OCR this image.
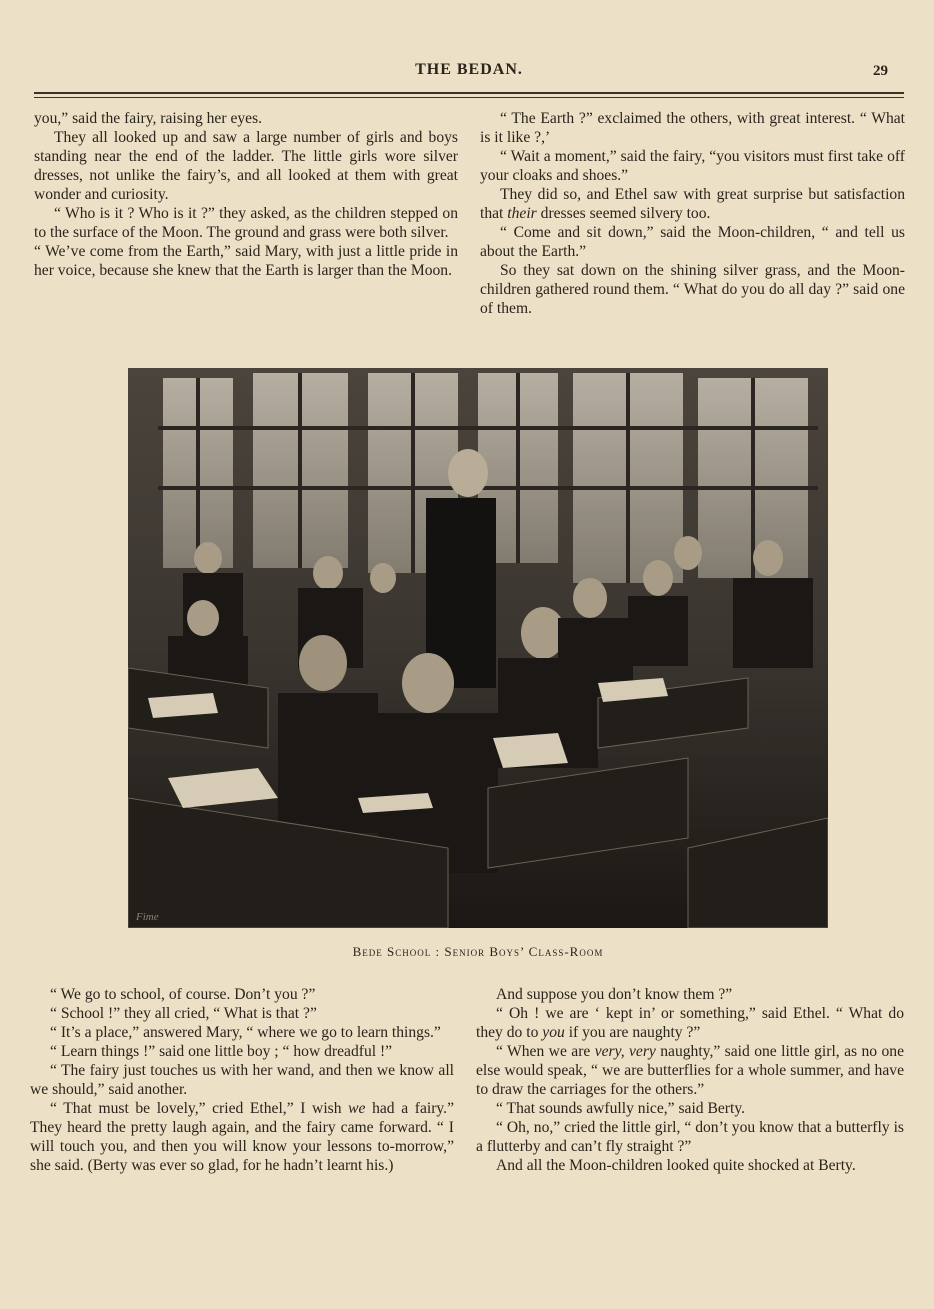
THE BEDAN.	29

you,” said the fairy, raising her eyes.

They all looked up and saw a large number of girls and boys standing near the end of the ladder. The little girls wore silver dresses, not unlike the fairy’s, and all looked at them with great wonder and curiosity.

“ Who is it ? Who is it ?” they asked, as the children stepped on to the surface of the Moon. The ground and grass were both silver.

“ We’ve come from the Earth,” said Mary, with just a little pride in her voice, because she knew that the Earth is larger than the Moon.

“ The Earth ?” exclaimed the others, with great interest. “ What is it like ?,’

“ Wait a moment,” said the fairy, “you visitors must first take off your cloaks and shoes.”

They did so, and Ethel saw with great surprise but satisfaction that their dresses seemed silvery too.

“ Come and sit down,” said the Moon-children, “ and tell us about the Earth.”

So they sat down on the shining silver grass, and the Moon-children gathered round them. “ What do you do all day ?” said one of them.

Fime
Bede School : Senior Boys’ Class-Room

“ We go to school, of course. Don’t you ?”

“ School !” they all cried, “ What is that ?”

“ It’s a place,” answered Mary, “ where we go to learn things.”

“ Learn things !” said one little boy ; “ how dreadful !”

“ The fairy just touches us with her wand, and then we know all we should,” said another.

“ That must be lovely,” cried Ethel,” I wish we had a fairy.” They heard the pretty laugh again, and the fairy came forward. “ I will touch you, and then you will know your lessons to-morrow,” she said. (Berty was ever so glad, for he hadn’t learnt his.)

And suppose you don’t know them ?”

“ Oh ! we are ‘ kept in’ or something,” said Ethel. “ What do they do to you if you are naughty ?”

“ When we are very, very naughty,” said one little girl, as no one else would speak, “ we are butterflies for a whole summer, and have to draw the carriages for the others.”

“ That sounds awfully nice,” said Berty.

“ Oh, no,” cried the little girl, “ don’t you know that a butterfly is a flutterby and can’t fly straight ?”

And all the Moon-children looked quite shocked at Berty.
